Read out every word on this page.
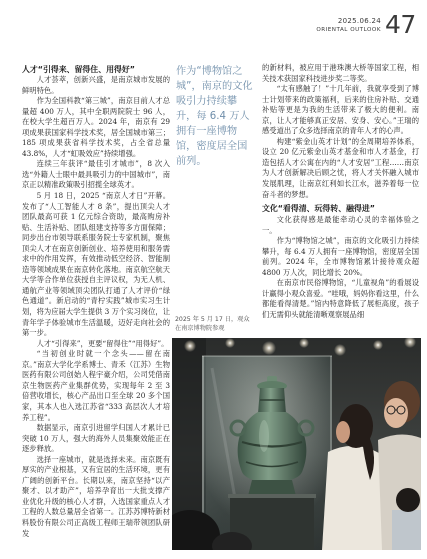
2025.06.24
ORIENTAL OUTLOOK 47
人才“引得来、留得住、用得好”

人才荟萃，创新兴盛，是南京城市发展的鲜明特色。

作为全国科教“第三城”，南京目前人才总量超 400 万人，其中全职两院院士 96 人，在校大学生超百万人。2024 年，南京有 29 项成果获国家科学技术奖，居全国城市第三；185 项成果获省科学技术奖，占全省总量 43.8%，人才“虹吸效应”持续增强。

连续三年获评“最佳引才城市”，8 次入选“外籍人士眼中最具吸引力的中国城市”，南京正以精准政策吸引招揽全球英才。

5 月 18 日，2025 “南京人才日”开幕。发布了“人工智能人才 8 条”，提出顶尖人才团队最高可获 1 亿元综合资助，最高购房补贴、生活补贴、团队组建支持等多方面保障；同步出台市领导联系服务院士专家机制，聚焦顶尖人才在南京创新创业、培养使用和服务需求中的作用发挥，有效推动低空经济、智能制造等领域成果在南京转化落地。南京航空航天大学等合作单位获授自主评议权，为无人机、通航产业等领域顶尖团队打通了人才评价“绿色通道”。新启动的“青柠实践”城市实习生计划，将为应届大学生提供 3 万个实习岗位，让青年学子体验城市生活温暖，迈好走向社会的第一步。

人才“引得来”，更要“留得住”“用得好”。

“当初创业时就一个念头——留在南京。”南京大学化学系博士、青禾（江苏）生物医药有限公司创始人程宇豪介绍，公司凭借南京生物医药产业集群优势，实现每年 2 至 3 倍营收增长，核心产品出口至全球 20 多个国家，其本人也入选江苏省“333 高层次人才培养工程”。

数据显示，南京引进留学归国人才累计已突破 10 万人，强大的海外人员集聚效能正在逐步释放。

选择一座城市，就是选择未来。南京既有厚实的产业根基，又有宜居的生活环境，更有广阔的创新平台。长期以来，南京坚持“以产聚才、以才助产”，培养孕育出一大批支撑产业优化升级的核心人才群，入选国家重点人才工程的人数总量居全省第一。江苏苏博特新材料股份有限公司正高级工程师王瑞带领团队研发

作为“博物馆之城”，南京的文化吸引力持续攀升，每 6.4 万人拥有一座博物馆，密度居全国前列。
2025 年 5 月 17 日，观众在南京博物院参观

的新材料，被应用于港珠澳大桥等国家工程，相关技术获国家科技进步奖二等奖。

“太有感触了！”十几年前，我就享受到了博士计划带来的政策福利，后来的住房补贴、交通补贴等更是为我的生活带来了极大的便利。南京，让人才能够真正安居、安身、安心。”王瑞的感受道出了众多选择南京的青年人才的心声。

构建“紫金山英才计划”的全周期培养体系，设立 20 亿元紫金山英才基金和市人才基金，打造包括人才公寓在内的“人才安居”工程……南京为人才创新解决后顾之忧，将人才关怀融入城市发展肌理，让南京红利如长江水，滋养着每一位奋斗者的梦想。

文化“看得清、玩得转、融得进”

文化获得感是最能牵动心灵的幸福体验之一。

作为“博物馆之城”，南京的文化吸引力持续攀升，每 6.4 万人拥有一座博物馆，密度居全国前列。2024 年，全市博物馆累计接待观众超 4800 万人次，同比增长 20%。

在南京市民俗博物馆，“儿童视角”的看展设计赢得小观众喜爱。“哇哦，妈妈你看这里，什么都能看得清楚。”馆内特意降低了展柜高度，孩子们无需仰头就能清晰观察展品细
